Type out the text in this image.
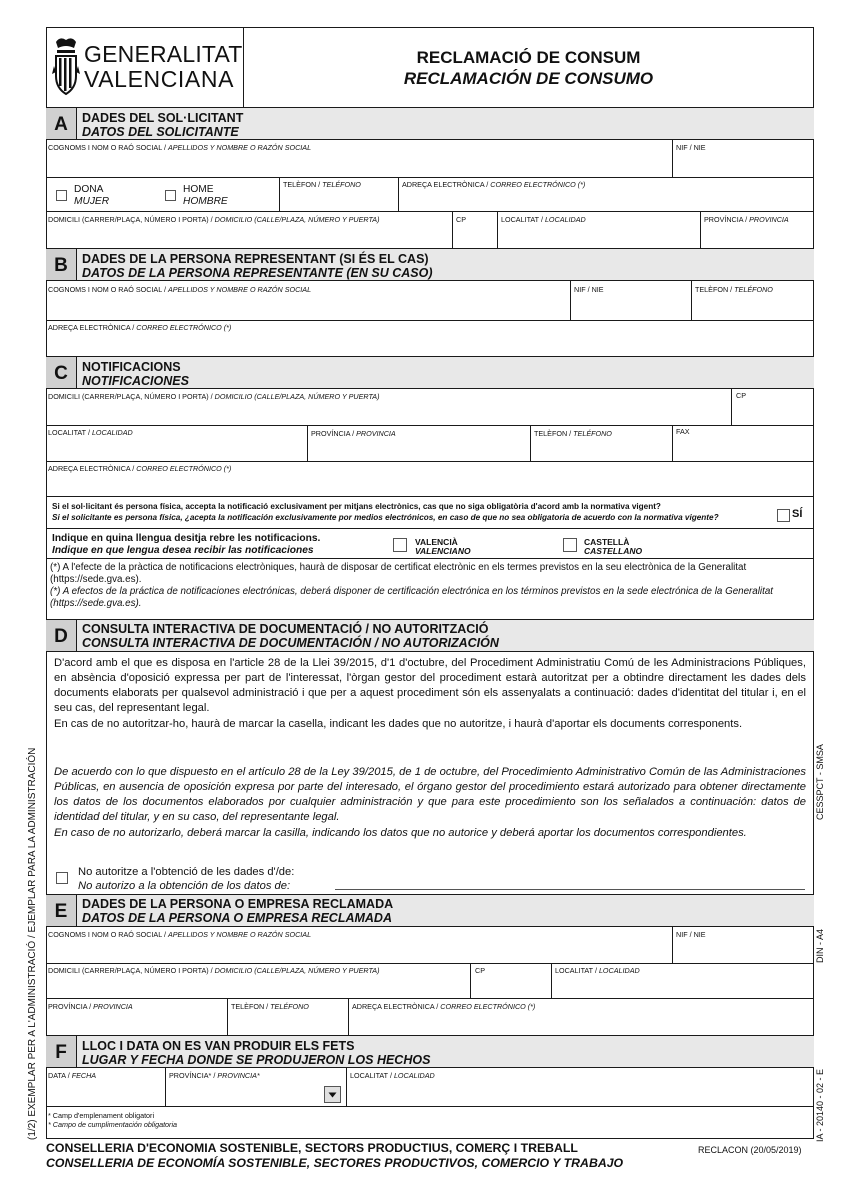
GENERALITAT
VALENCIANA
RECLAMACIÓ DE CONSUM
RECLAMACIÓN DE CONSUMO
A	DADES DEL SOL·LICITANT
DATOS DEL SOLICITANTE
COGNOMS I NOM O RAÓ SOCIAL / APELLIDOS Y NOMBRE O RAZÓN SOCIAL	NIF / NIE
DONA
MUJER
HOME
HOMBRE
TELÈFON / TELÉFONO	ADREÇA ELECTRÒNICA / CORREO ELECTRÓNICO (*)
DOMICILI (CARRER/PLAÇA, NÚMERO I PORTA) / DOMICILIO (CALLE/PLAZA, NÚMERO Y PUERTA)	CP	LOCALITAT / LOCALIDAD	PROVÍNCIA / PROVINCIA
B	DADES DE LA PERSONA REPRESENTANT (SI ÉS EL CAS)
DATOS DE LA PERSONA REPRESENTANTE (EN SU CASO)
COGNOMS I NOM O RAÓ SOCIAL / APELLIDOS Y NOMBRE O RAZÓN SOCIAL	NIF / NIE	TELÈFON / TELÉFONO
ADREÇA ELECTRÒNICA / CORREO ELECTRÓNICO (*)
C	NOTIFICACIONS
NOTIFICACIONES
DOMICILI (CARRER/PLAÇA, NÚMERO I PORTA) / DOMICILIO (CALLE/PLAZA, NÚMERO Y PUERTA)	CP
LOCALITAT / LOCALIDAD	PROVÍNCIA / PROVINCIA	TELÈFON / TELÉFONO	FAX
ADREÇA ELECTRÒNICA / CORREO ELECTRÓNICO (*)
Si el sol·licitant és persona física, accepta la notificació exclusivament per mitjans electrònics, cas que no siga obligatòria d'acord amb la normativa vigent?
Si el solicitante es persona física, ¿acepta la notificación exclusivamente por medios electrónicos, en caso de que no sea obligatoria de acuerdo con la normativa vigente?	SÍ
Indique en quina llengua desitja rebre les notificacions.
Indique en que lengua desea recibir las notificaciones
VALENCIÀ
VALENCIANO
CASTELLÀ
CASTELLANO
(*) A l'efecte de la pràctica de notificacions electròniques, haurà de disposar de certificat electrònic en els termes previstos en la seu electrònica de la Generalitat (https://sede.gva.es).
(*) A efectos de la práctica de notificaciones electrónicas, deberá disponer de certificación electrónica en los términos previstos en la sede electrónica de la Generalitat (https://sede.gva.es).
D	CONSULTA INTERACTIVA DE DOCUMENTACIÓ / NO AUTORITZACIÓ
CONSULTA INTERACTIVA DE DOCUMENTACIÓN / NO AUTORIZACIÓN
D'acord amb el que es disposa en l'article 28 de la Llei 39/2015, d'1 d'octubre, del Procediment Administratiu Comú de les Administracions Públiques, en absència d'oposició expressa per part de l'interessat, l'òrgan gestor del procediment estarà autoritzat per a obtindre directament les dades dels documents elaborats per qualsevol administració i que per a aquest procediment són els assenyalats a continuació: dades d'identitat del titular i, en el seu cas, del representant legal.
En cas de no autoritzar-ho, haurà de marcar la casella, indicant les dades que no autoritze, i haurà d'aportar els documents corresponents.
De acuerdo con lo que dispuesto en el artículo 28 de la Ley 39/2015, de 1 de octubre, del Procedimiento Administrativo Común de las Administraciones Públicas, en ausencia de oposición expresa por parte del interesado, el órgano gestor del procedimiento estará autorizado para obtener directamente los datos de los documentos elaborados por cualquier administración y que para este procedimiento son los señalados a continuación: datos de identidad del titular, y en su caso, del representante legal.
En caso de no autorizarlo, deberá marcar la casilla, indicando los datos que no autorice y deberá aportar los documentos correspondientes.
No autoritze a l'obtenció de les dades d'/de:
No autorizo a la obtención de los datos de:
E	DADES DE LA PERSONA O EMPRESA RECLAMADA
DATOS DE LA PERSONA O EMPRESA RECLAMADA
COGNOMS I NOM O RAÓ SOCIAL / APELLIDOS Y NOMBRE O RAZÓN SOCIAL	NIF / NIE
DOMICILI (CARRER/PLAÇA, NÚMERO I PORTA) / DOMICILIO (CALLE/PLAZA, NÚMERO Y PUERTA)	CP	LOCALITAT / LOCALIDAD
PROVÍNCIA / PROVINCIA	TELÈFON / TELÉFONO	ADREÇA ELECTRÒNICA / CORREO ELECTRÓNICO (*)
F	LLOC I DATA ON ES VAN PRODUIR ELS FETS
LUGAR Y FECHA DONDE SE PRODUJERON LOS HECHOS
DATA / FECHA	PROVÍNCIA* / PROVINCIA*	LOCALITAT / LOCALIDAD
* Camp d'emplenament obligatori
* Campo de cumplimentación obligatoria
CONSELLERIA D'ECONOMIA SOSTENIBLE, SECTORS PRODUCTIUS, COMERÇ I TREBALL
CONSELLERIA DE ECONOMÍA SOSTENIBLE, SECTORES PRODUCTIVOS, COMERCIO Y TRABAJO
RECLACON (20/05/2019)
(1/2) EXEMPLAR PER A L'ADMINISTRACIÓ / EJEMPLAR PARA LA ADMINISTRACIÓN	CESSPCT - SMSA
DIN - A4
IA - 20140 - 02 - E
